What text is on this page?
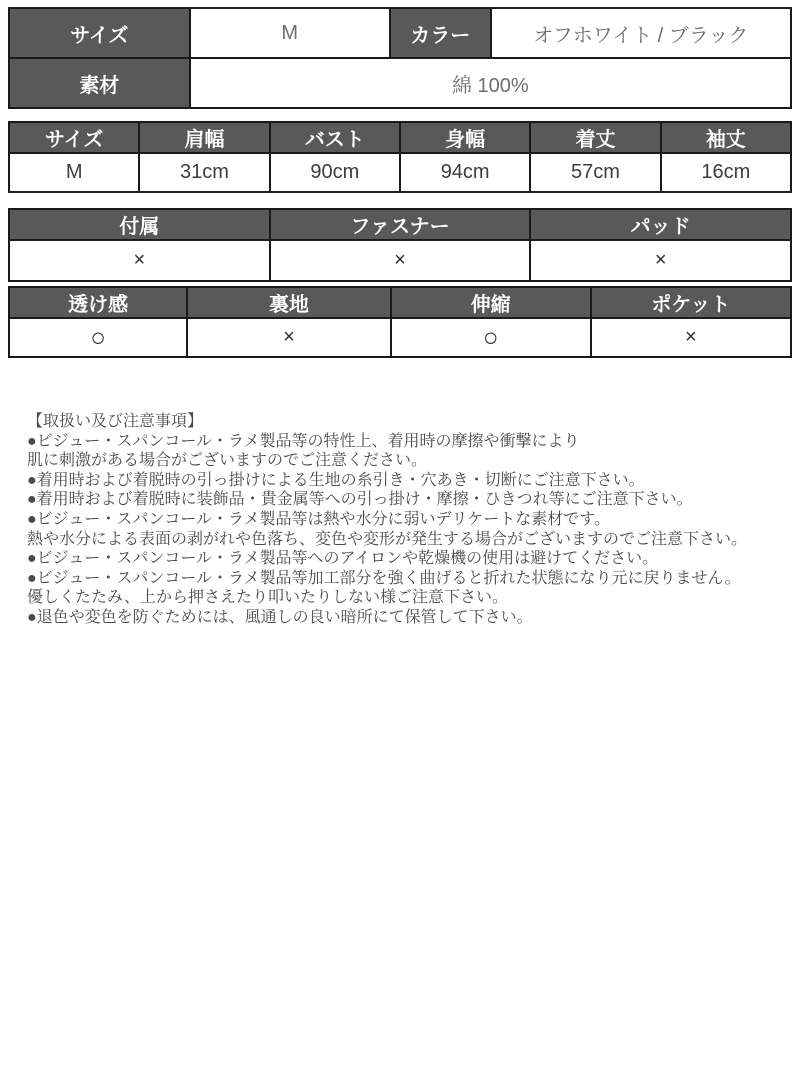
サイズ	M	カラー	オフホワイト / ブラック
素材	綿 100%		
サイズ	肩幅	バスト	身幅	着丈	袖丈
M	31cm	90cm	94cm	57cm	16cm
付属	ファスナー	パッド
×	×	×
透け感	裏地	伸縮	ポケット
○	×	○	×
【取扱い及び注意事項】
●ビジュー・スパンコール・ラメ製品等の特性上、着用時の摩擦や衝撃により
肌に刺激がある場合がございますのでご注意ください。
●着用時および着脱時の引っ掛けによる生地の糸引き・穴あき・切断にご注意下さい。
●着用時および着脱時に装飾品・貴金属等への引っ掛け・摩擦・ひきつれ等にご注意下さい。
●ビジュー・スパンコール・ラメ製品等は熱や水分に弱いデリケートな素材です。
熱や水分による表面の剥がれや色落ち、変色や変形が発生する場合がございますのでご注意下さい。
●ビジュー・スパンコール・ラメ製品等へのアイロンや乾燥機の使用は避けてください。
●ビジュー・スパンコール・ラメ製品等加工部分を強く曲げると折れた状態になり元に戻りません。
優しくたたみ、上から押さえたり叩いたりしない様ご注意下さい。
●退色や変色を防ぐためには、風通しの良い暗所にて保管して下さい。
